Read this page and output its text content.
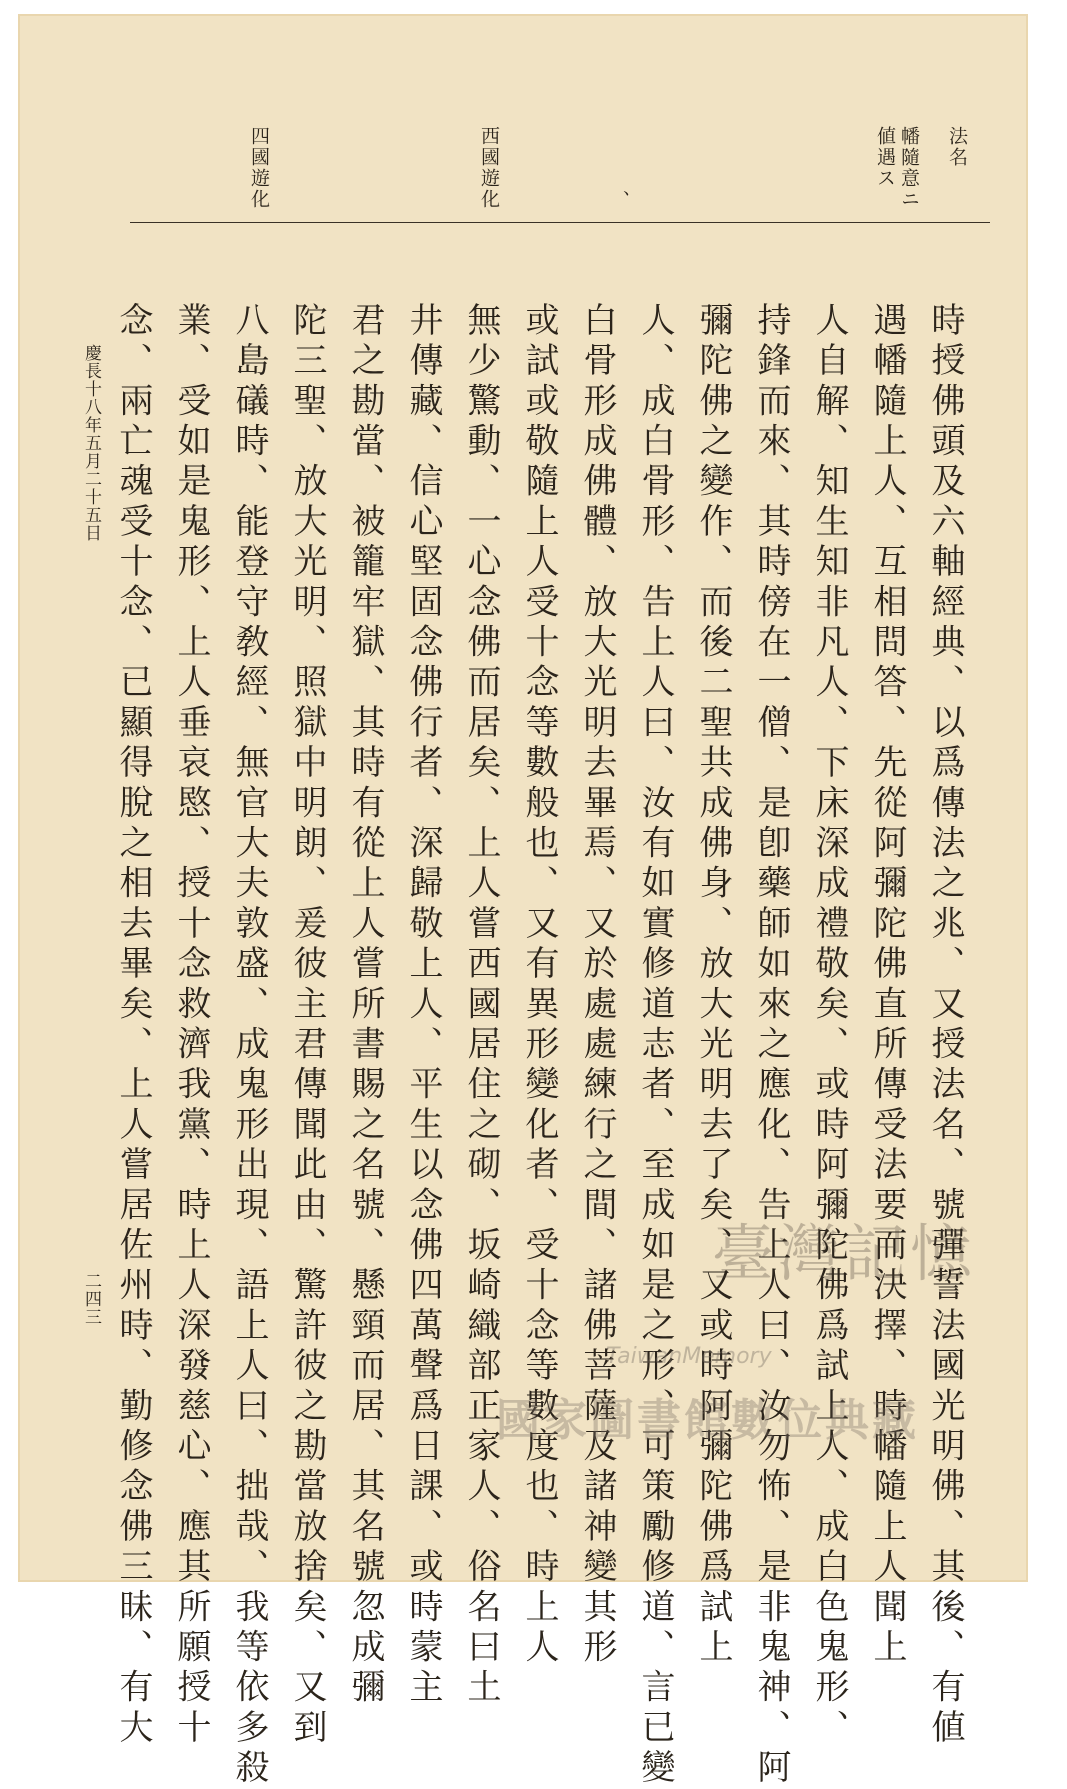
法名
幡隨意ニ
値遇ス
、
西國遊化
四國遊化
時授佛頭及六軸經典、以爲傳法之兆、又授法名、號彈誓法國光明佛、其後、有値
遇幡隨上人、互相問答、先從阿彌陀佛直所傳受法要而決擇、時幡隨上人聞上
人自解、知生知非凡人、下床深成禮敬矣、或時阿彌陀佛爲試上人、成白色鬼形、
持鋒而來、其時傍在一僧、是卽藥師如來之應化、告上人曰、汝勿怖、是非鬼神、阿
彌陀佛之變作、而後二聖共成佛身、放大光明去了矣、又或時阿彌陀佛爲試上
人、成白骨形、告上人曰、汝有如實修道志者、至成如是之形、可策勵修道、言已變
白骨形成佛體、放大光明去畢焉、又於處處練行之間、諸佛菩薩及諸神變其形
或試或敬隨上人受十念等數般也、又有異形變化者、受十念等數度也、時上人
無少驚動、一心念佛而居矣、上人嘗西國居住之砌、坂崎織部正家人、俗名曰土
井傳藏、信心堅固念佛行者、深歸敬上人、平生以念佛四萬聲爲日課、或時蒙主
君之勘當、被籠牢獄、其時有從上人嘗所書賜之名號、懸頸而居、其名號忽成彌
陀三聖、放大光明、照獄中明朗、爰彼主君傳聞此由、驚許彼之勘當放捨矣、又到
八島礒時、能登守敎經、無官大夫敦盛、成鬼形出現、語上人曰、拙哉、我等依多殺
業、受如是鬼形、上人垂哀愍、授十念救濟我黨、時上人深發慈心、應其所願授十
念、兩亡魂受十念、已顯得脫之相去畢矣、上人嘗居佐州時、勤修念佛三昧、有大
慶長十八年五月二十五日
二四三
臺灣記憶
TaiwanMemory
國家圖書館數位典藏
